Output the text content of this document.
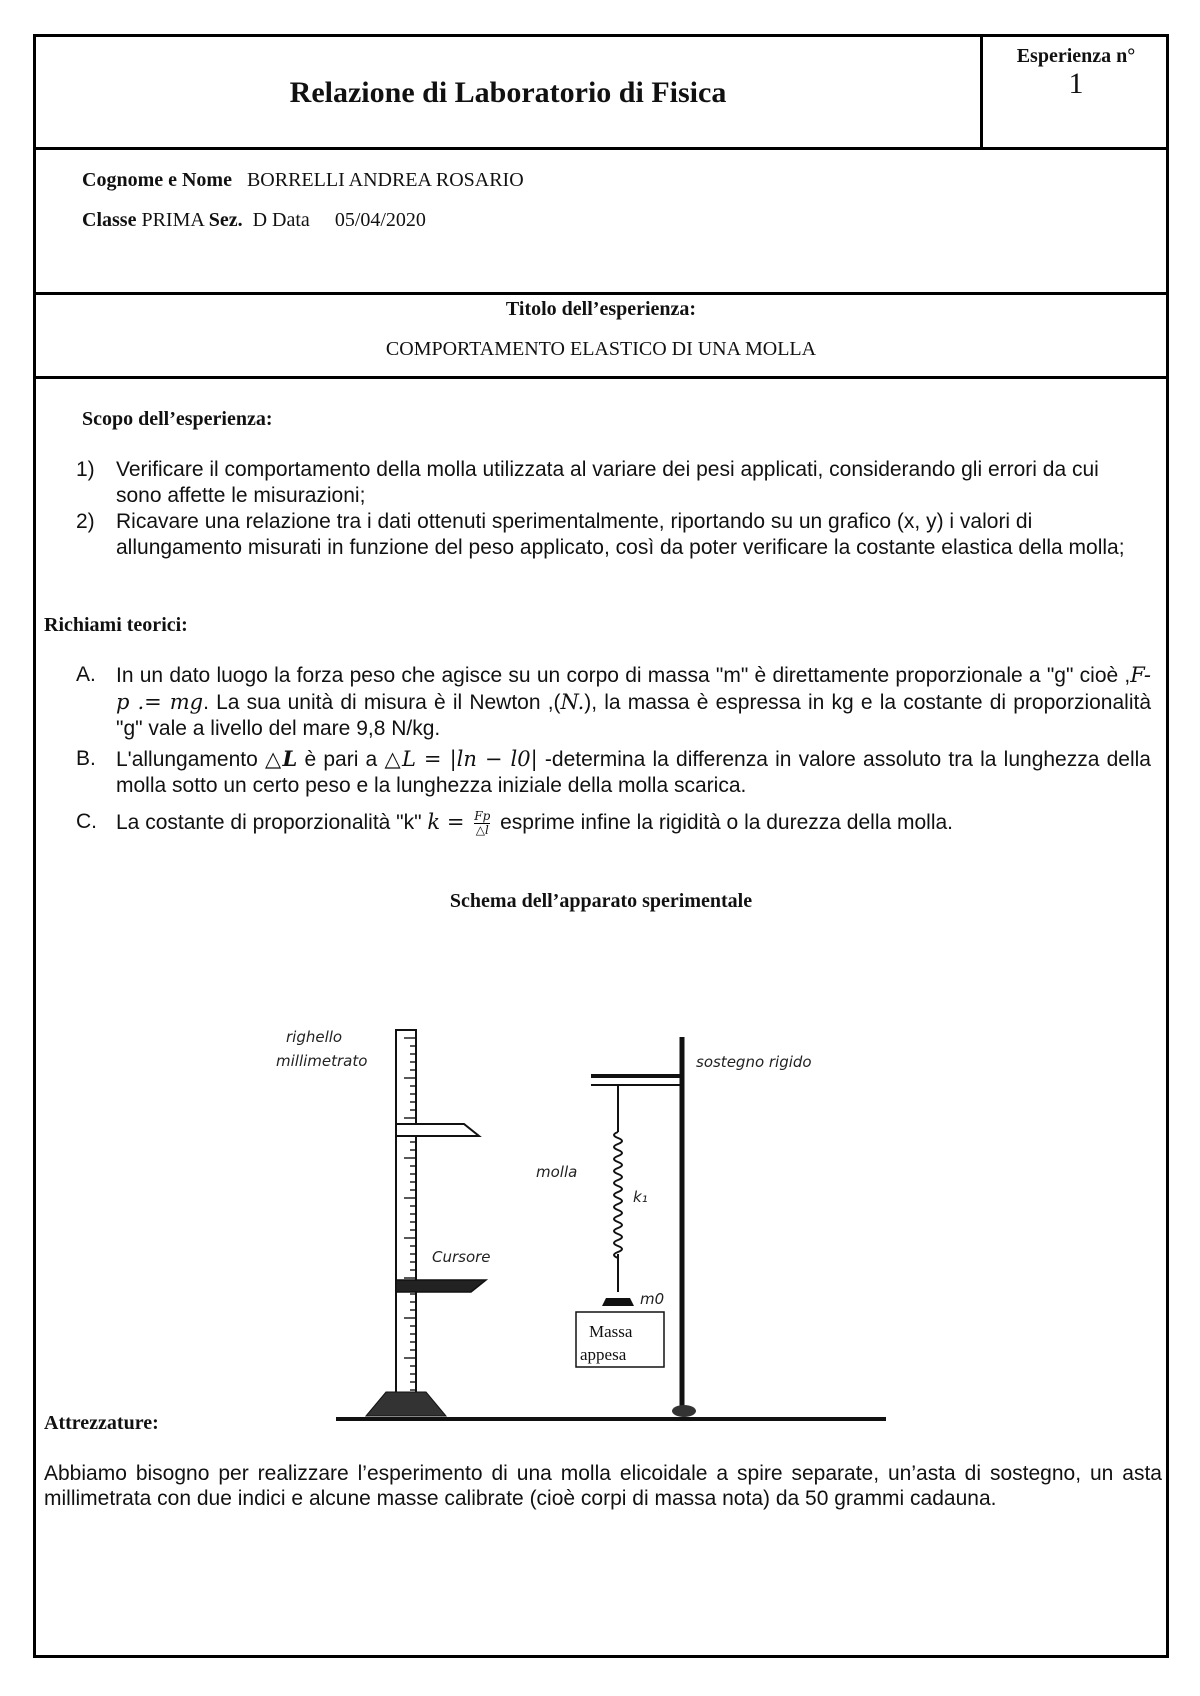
Relazione di Laboratorio di Fisica
Esperienza n°
1
Cognome e Nome BORRELLI ANDREA ROSARIO
Classe PRIMA Sez. D Data 05/04/2020
Titolo dell’esperienza:
COMPORTAMENTO ELASTICO DI UNA MOLLA
Scopo dell’esperienza:
1) Verificare il comportamento della molla utilizzata al variare dei pesi applicati, considerando gli errori da cui sono affette le misurazioni;
2) Ricavare una relazione tra i dati ottenuti sperimentalmente, riportando su un grafico (x, y) i valori di allungamento misurati in funzione del peso applicato, così da poter verificare la costante elastica della molla;
Richiami teorici:
A. In un dato luogo la forza peso che agisce su un corpo di massa "m" è direttamente proporzionale a "g" cioè ,F-p .= mg. La sua unità di misura è il Newton ,(N.), la massa è espressa in kg e la costante di proporzionalità "g" vale a livello del mare 9,8 N/kg.
B. L'allungamento △L è pari a △L = |ln − l0| -determina la differenza in valore assoluto tra la lunghezza della molla sotto un certo peso e la lunghezza iniziale della molla scarica.
C. La costante di proporzionalità "k" $k = \frac{Fp}{\triangle l}$ esprime infine la rigidità o la durezza della molla.
Schema dell’apparato sperimentale
Massa
appesa
righello
millimetrato	sostegno rigido
molla
k₁
Cursore
m0
Attrezzature:
Abbiamo bisogno per realizzare l’esperimento di una molla elicoidale a spire separate, un’asta di sostegno, un asta millimetrata con due indici e alcune masse calibrate (cioè corpi di massa nota) da 50 grammi cadauna.
